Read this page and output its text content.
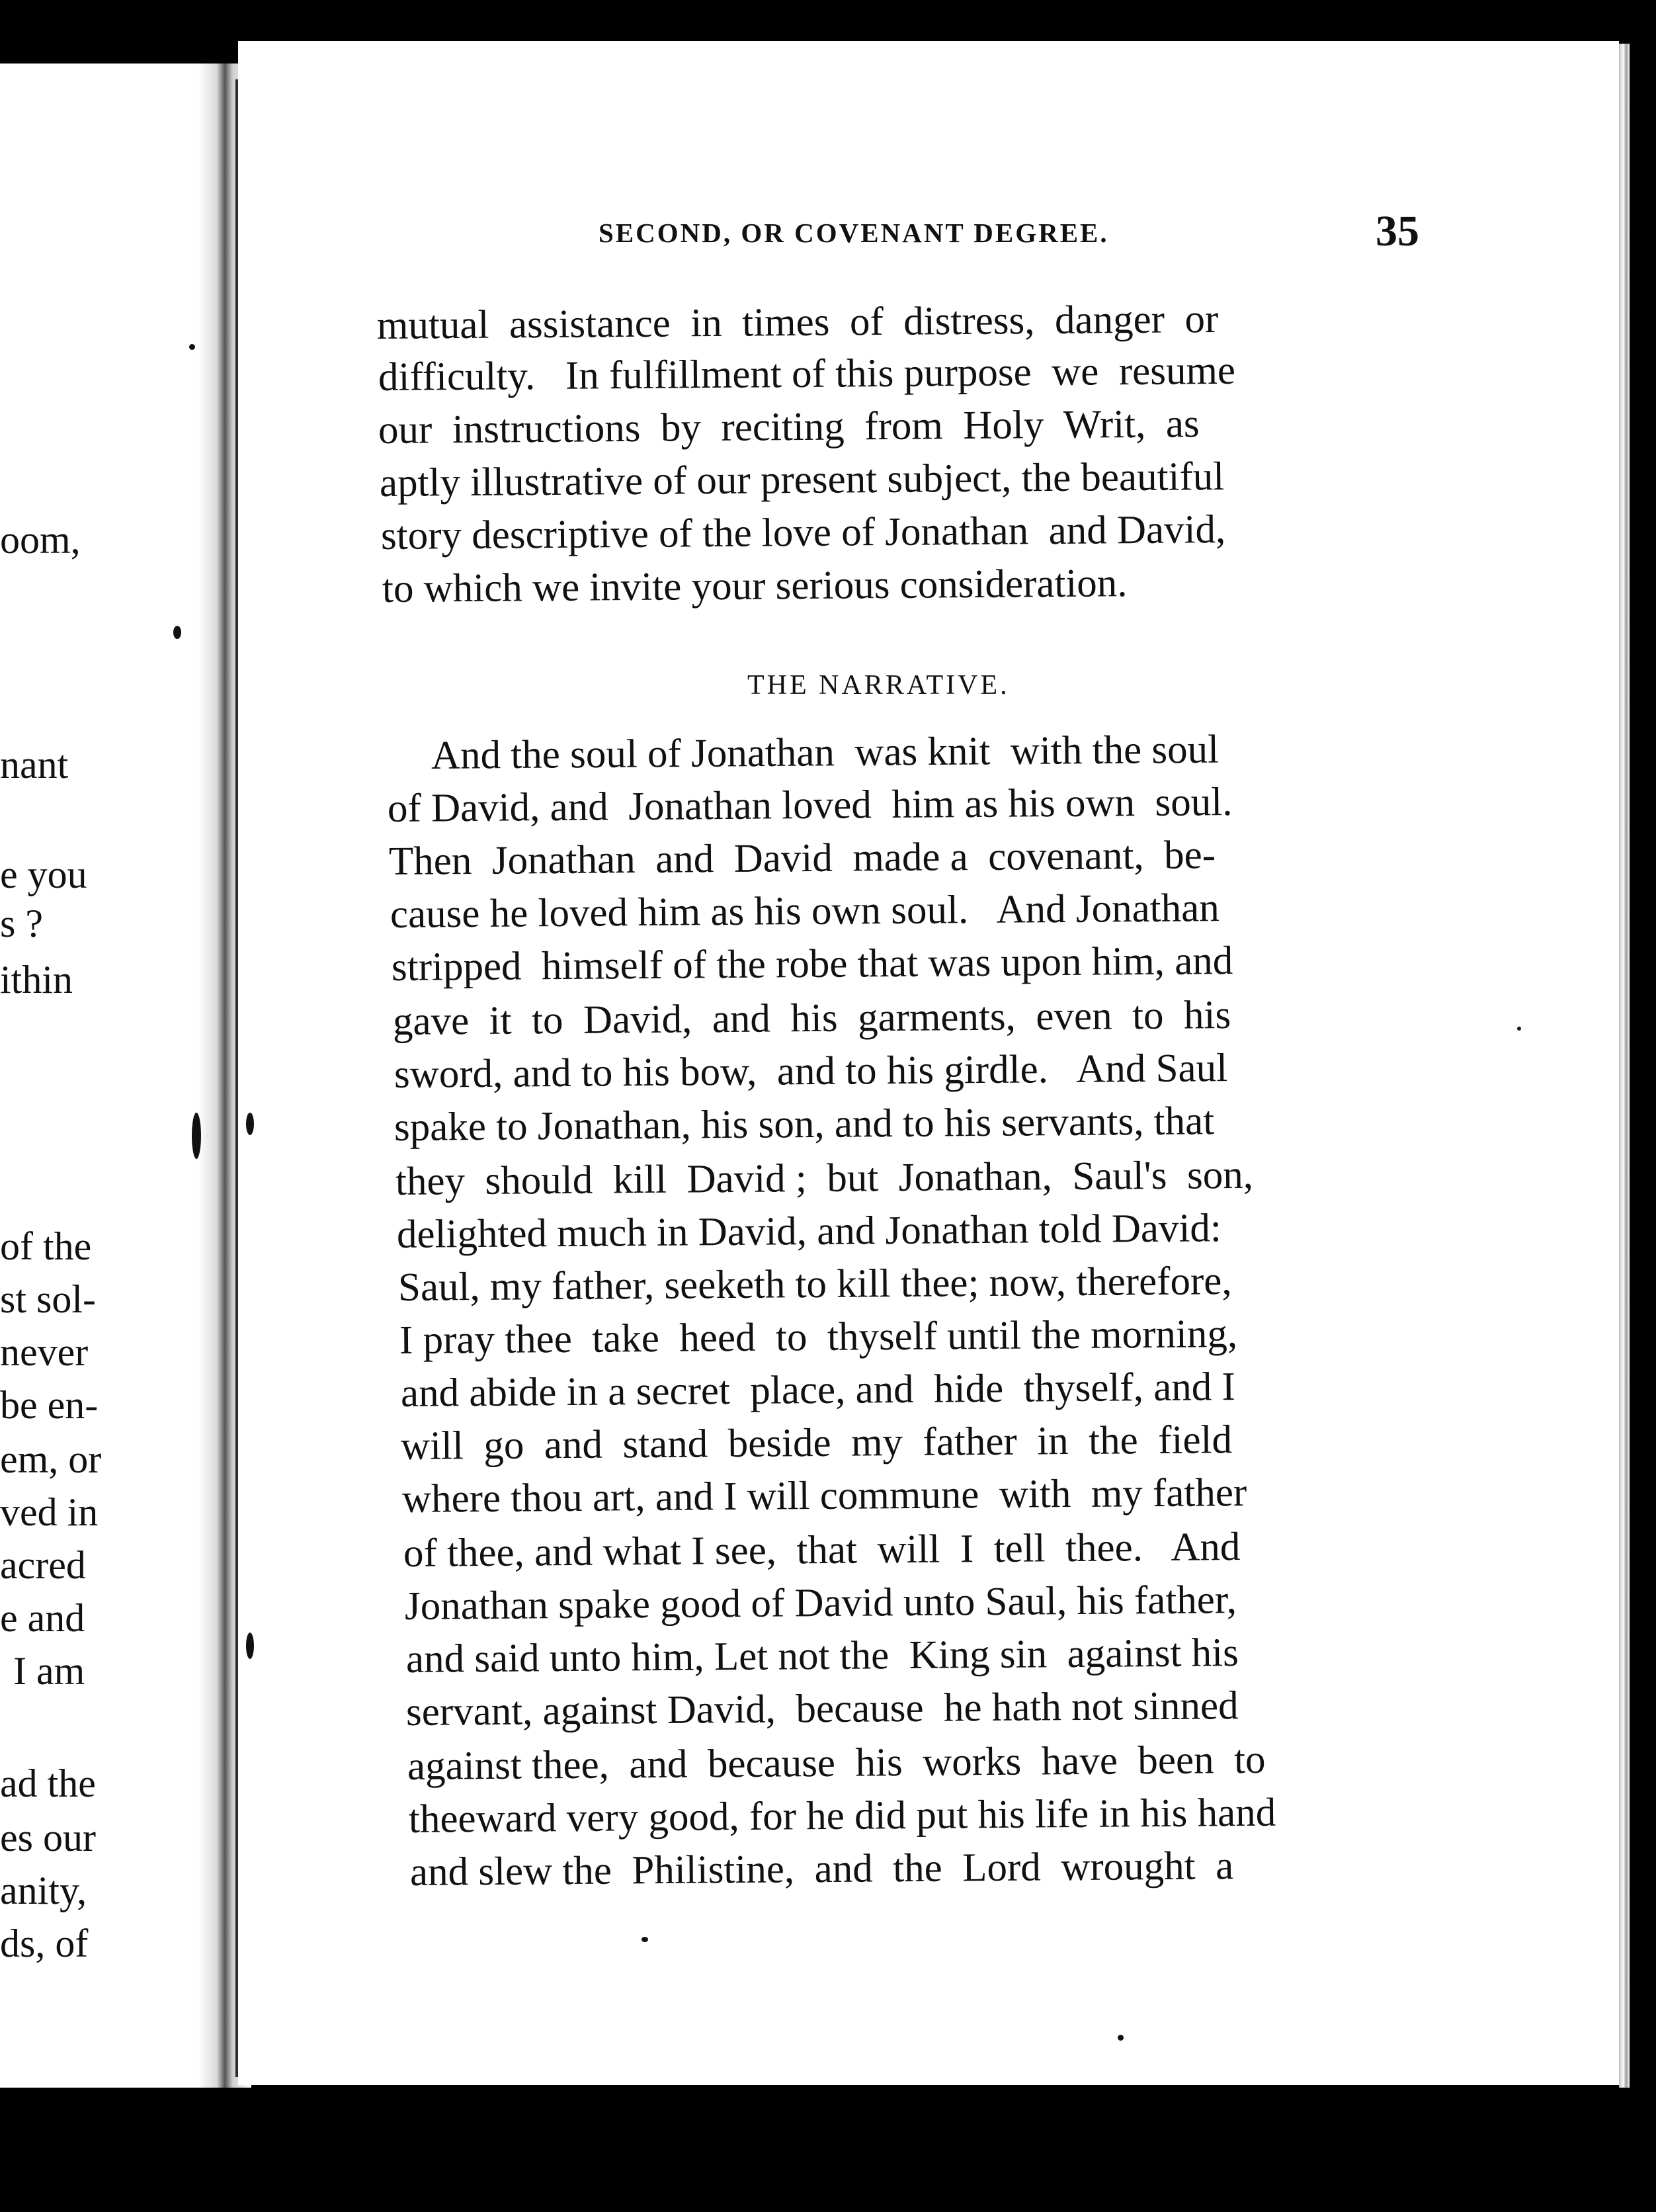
oom,
nant
e you
s ?
ithin
of the
st sol-
never
be en-
em, or
ved in
acred
e and
I am
ad the
es our
anity,
ds, of
SECOND, OR COVENANT DEGREE.	35
mutual  assistance  in  times  of  distress,  danger  or
difficulty.   In fulfillment of this purpose  we  resume
our  instructions  by  reciting  from  Holy  Writ,  as
aptly illustrative of our present subject, the beautiful
story descriptive of the love of Jonathan  and David,
to which we invite your serious consideration.
THE NARRATIVE.
And the soul of Jonathan  was knit  with the soul
of David, and  Jonathan loved  him as his own  soul.
Then  Jonathan  and  David  made a  covenant,  be-
cause he loved him as his own soul.   And Jonathan
stripped  himself of the robe that was upon him, and
gave  it  to  David,  and  his  garments,  even  to  his
sword, and to his bow,  and to his girdle.   And Saul
spake to Jonathan, his son, and to his servants, that
they  should  kill  David ;  but  Jonathan,  Saul's  son,
delighted much in David, and Jonathan told David:
Saul, my father, seeketh to kill thee; now, therefore,
I pray thee  take  heed  to  thyself until the morning,
and abide in a secret  place, and  hide  thyself, and I
will  go  and  stand  beside  my  father  in  the  field
where thou art, and I will commune  with  my father
of thee, and what I see,  that  will  I  tell  thee.   And
Jonathan spake good of David unto Saul, his father,
and said unto him, Let not the  King sin  against his
servant, against David,  because  he hath not sinned
against thee,  and  because  his  works  have  been  to
theeward very good, for he did put his life in his hand
and slew the  Philistine,  and  the  Lord  wrought  a
